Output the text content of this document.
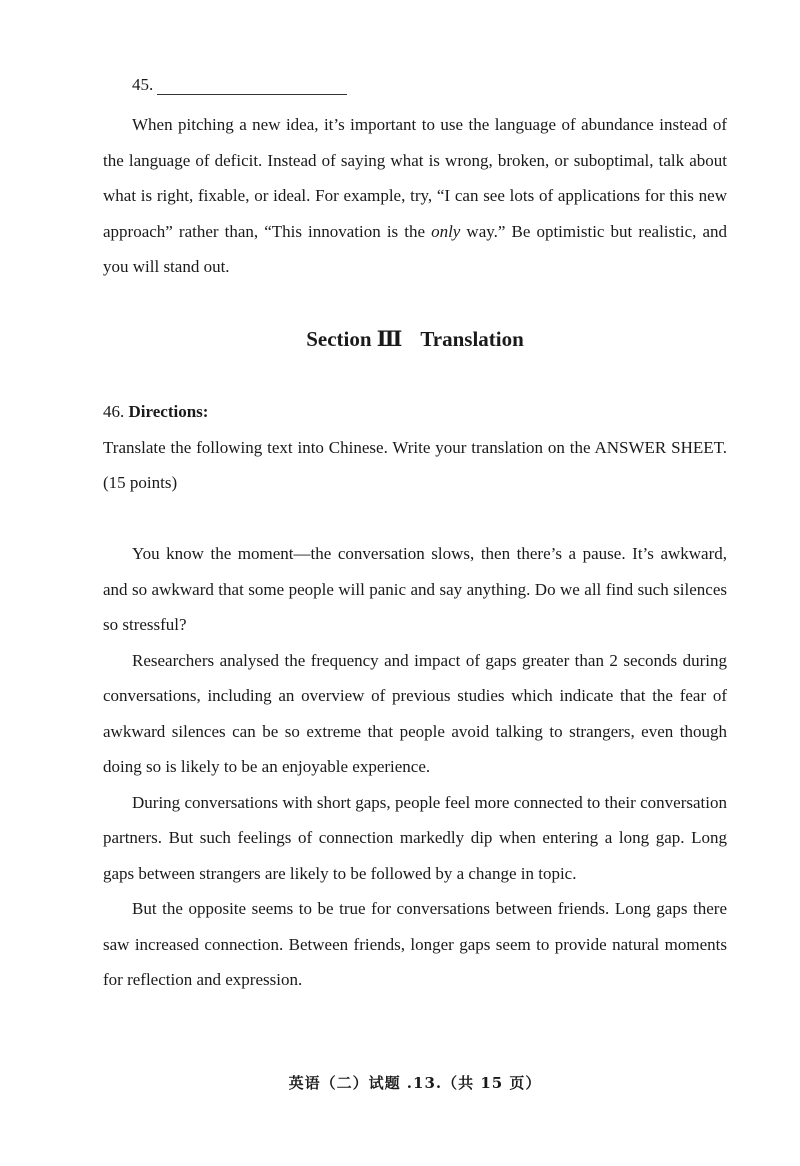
45.

When pitching a new idea, it’s important to use the language of abundance instead of the language of deficit. Instead of saying what is wrong, broken, or suboptimal, talk about what is right, fixable, or ideal. For example, try, “I can see lots of applications for this new approach” rather than, “This innovation is the only way.” Be optimistic but realistic, and you will stand out.

Section Ⅲ Translation
46. Directions:
Translate the following text into Chinese. Write your translation on the ANSWER SHEET. (15 points)

You know the moment—the conversation slows, then there’s a pause. It’s awkward, and so awkward that some people will panic and say anything. Do we all find such silences so stressful?

Researchers analysed the frequency and impact of gaps greater than 2 seconds during conversations, including an overview of previous studies which indicate that the fear of awkward silences can be so extreme that people avoid talking to strangers, even though doing so is likely to be an enjoyable experience.

During conversations with short gaps, people feel more connected to their conversation partners. But such feelings of connection markedly dip when entering a long gap. Long gaps between strangers are likely to be followed by a change in topic.

But the opposite seems to be true for conversations between friends. Long gaps there saw increased connection. Between friends, longer gaps seem to provide natural moments for reflection and expression.

英语（二）试题 .13.（共 15 页）
